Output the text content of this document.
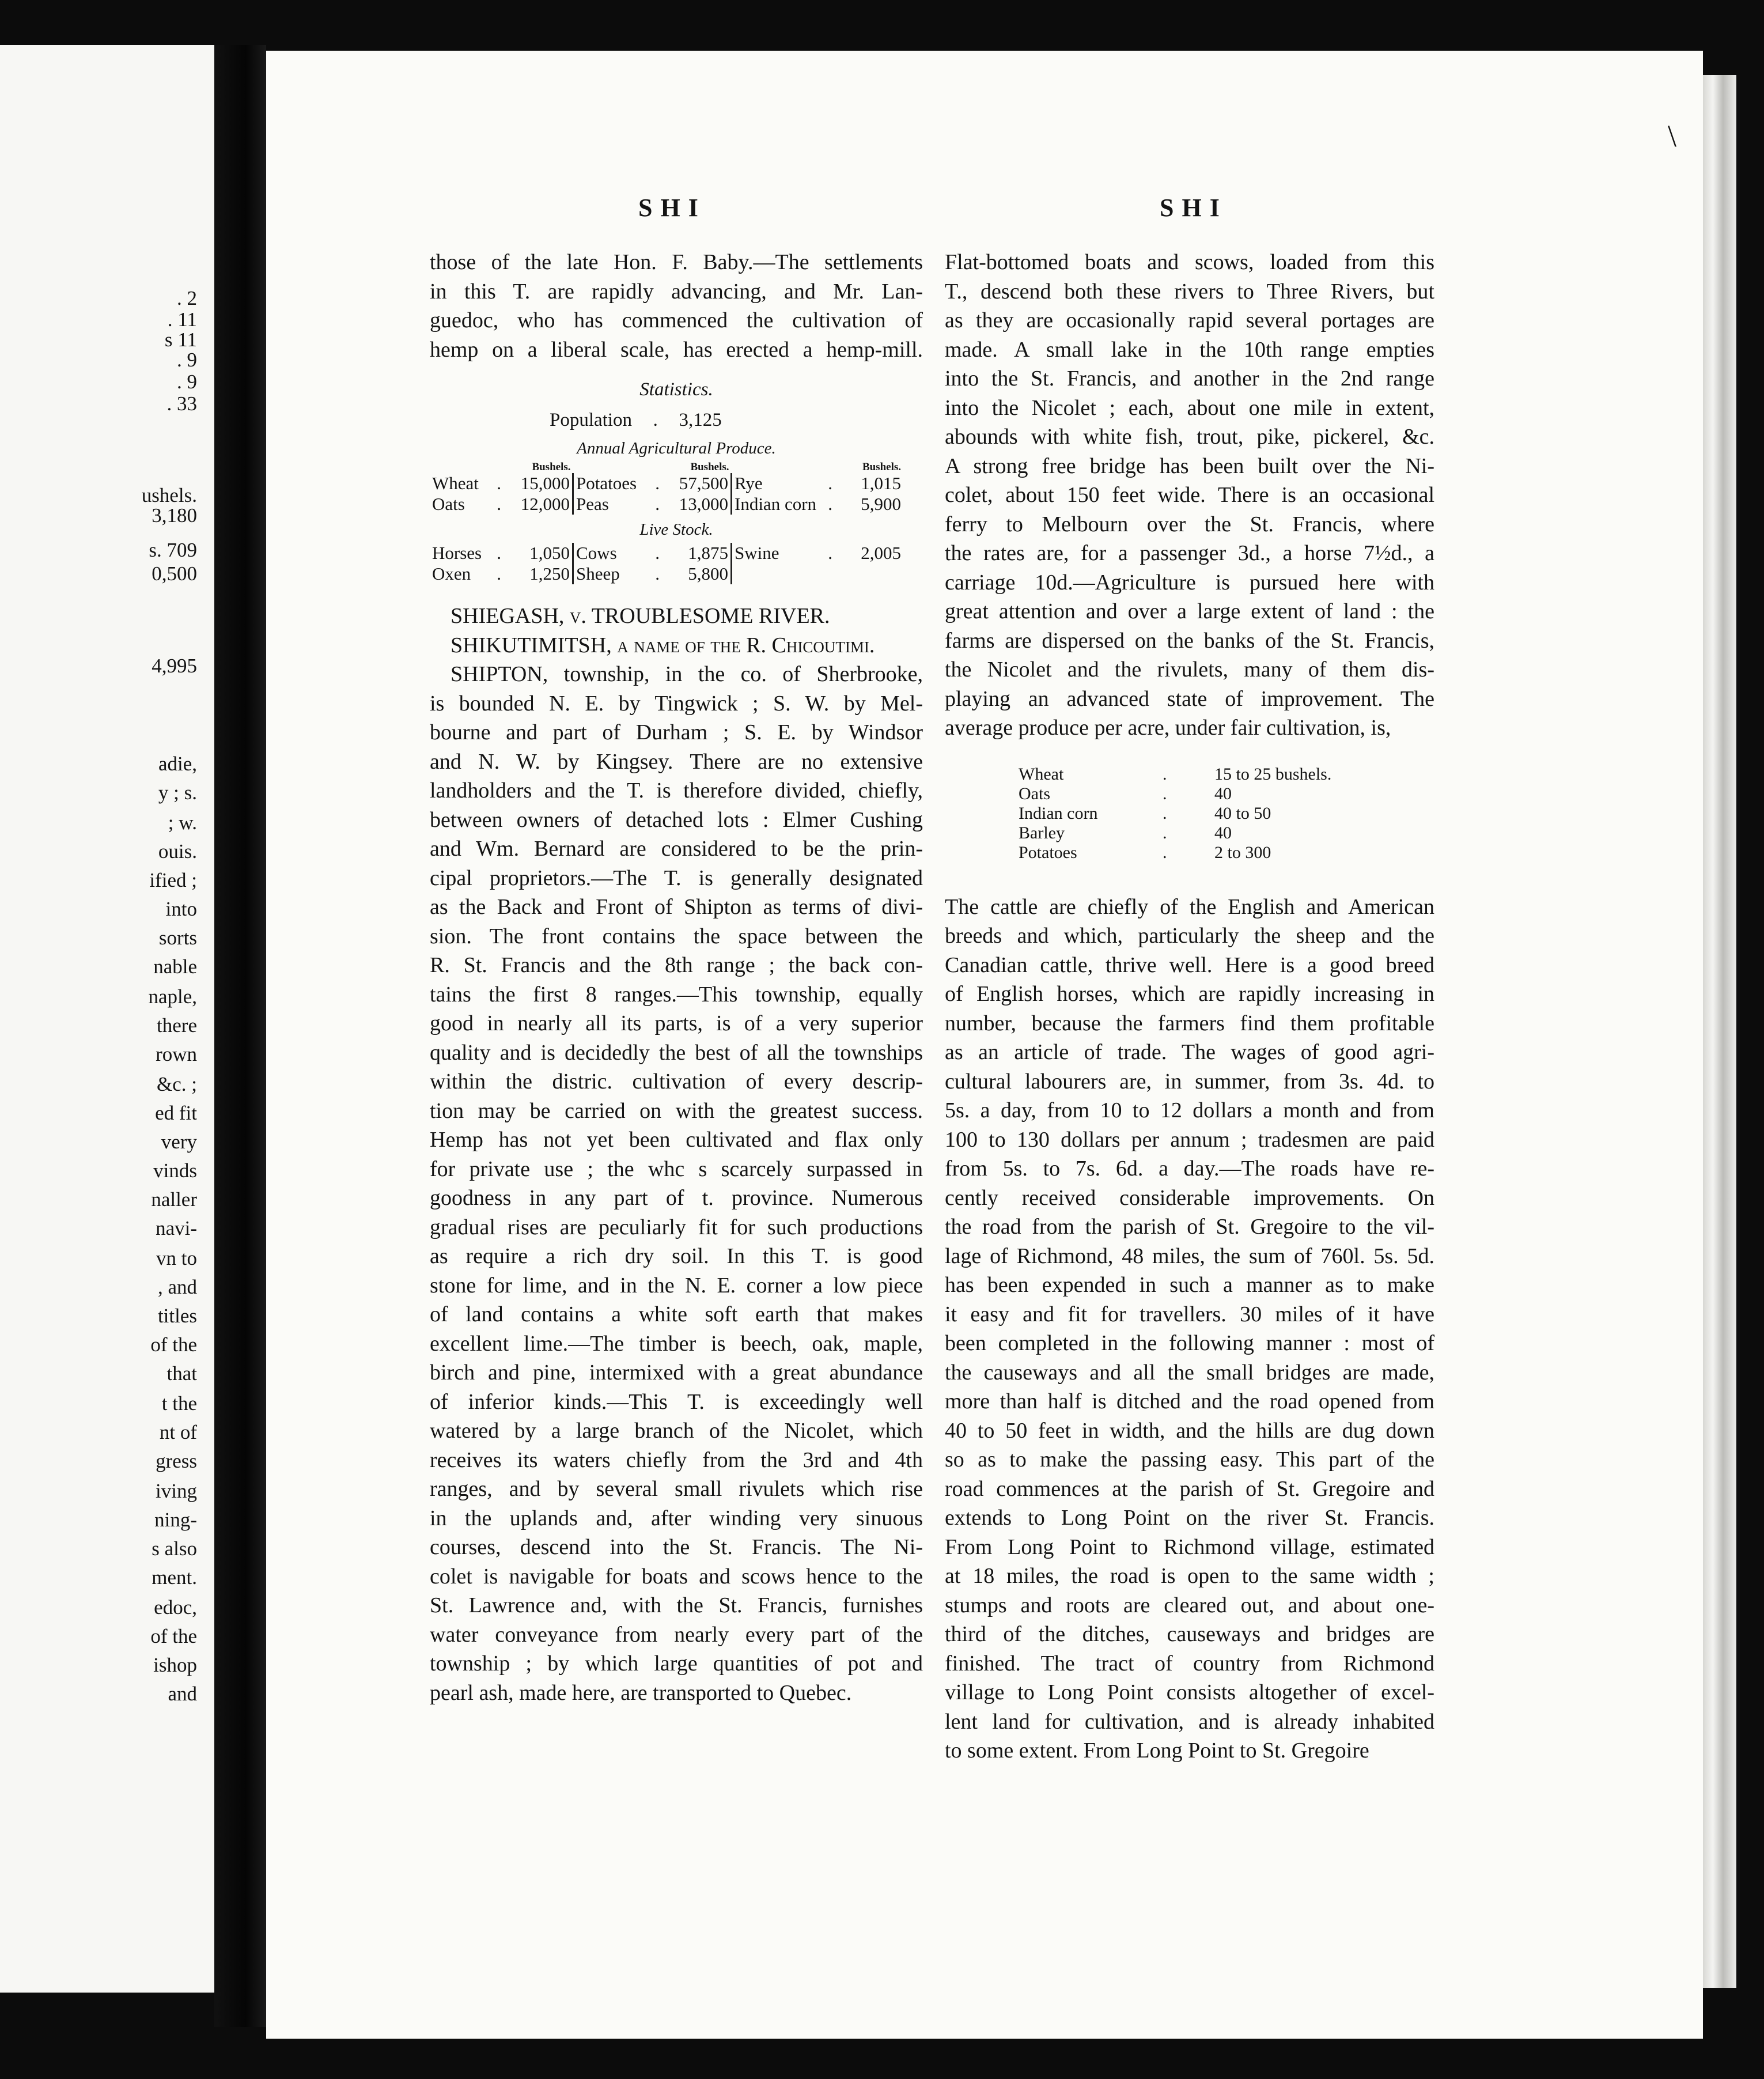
. 2
. 11
s 11
. 9
. 9
. 33
ushels.
3,180
s. 709
0,500
4,995
adie,
y ; s.
; w.
ouis.
ified ;
into
sorts
nable
naple,
there
rown
&c. ;
ed fit
very
vinds
naller
navi-
vn to
, and
titles
of the
that
t the
nt of
gress
iving
ning-
s also
ment.
edoc,
of the
ishop
and
\
SHI	SHI

those of the late Hon. F. Baby.—The settlements

in this T. are rapidly advancing, and Mr. Lan-

guedoc, who has commenced the cultivation of

hemp on a liberal scale, has erected a hemp-mill.

Statistics.
Population . 3,125
Annual Agricultural Produce.
	Bushels.		Bushels.		Bushels.
Wheat .	15,000	Potatoes .	57,500	Rye .	1,015
Oats .	12,000	Peas .	13,000	Indian corn .	5,900
Live Stock.
Horses .	1,050	Cows .	1,875	Swine .	2,005
Oxen .	1,250	Sheep .	5,800		

SHIEGASH, v. TROUBLESOME RIVER.

SHIKUTIMITSH, a name of the R. Chicoutimi.

SHIPTON, township, in the co. of Sherbrooke,

is bounded N. E. by Tingwick ; S. W. by Mel-

bourne and part of Durham ; S. E. by Windsor

and N. W. by Kingsey. There are no extensive

landholders and the T. is therefore divided, chiefly,

between owners of detached lots : Elmer Cushing

and Wm. Bernard are considered to be the prin-

cipal proprietors.—The T. is generally designated

as the Back and Front of Shipton as terms of divi-

sion. The front contains the space between the

R. St. Francis and the 8th range ; the back con-

tains the first 8 ranges.—This township, equally

good in nearly all its parts, is of a very superior

quality and is decidedly the best of all the townships

within the distric. cultivation of every descrip-

tion may be carried on with the greatest success.

Hemp has not yet been cultivated and flax only

for private use ; the whc s scarcely surpassed in

goodness in any part of t. province. Numerous

gradual rises are peculiarly fit for such productions

as require a rich dry soil. In this T. is good

stone for lime, and in the N. E. corner a low piece

of land contains a white soft earth that makes

excellent lime.—The timber is beech, oak, maple,

birch and pine, intermixed with a great abundance

of inferior kinds.—This T. is exceedingly well

watered by a large branch of the Nicolet, which

receives its waters chiefly from the 3rd and 4th

ranges, and by several small rivulets which rise

in the uplands and, after winding very sinuous

courses, descend into the St. Francis. The Ni-

colet is navigable for boats and scows hence to the

St. Lawrence and, with the St. Francis, furnishes

water conveyance from nearly every part of the

township ; by which large quantities of pot and

pearl ash, made here, are transported to Quebec.

Flat-bottomed boats and scows, loaded from this

T., descend both these rivers to Three Rivers, but

as they are occasionally rapid several portages are

made. A small lake in the 10th range empties

into the St. Francis, and another in the 2nd range

into the Nicolet ; each, about one mile in extent,

abounds with white fish, trout, pike, pickerel, &c.

A strong free bridge has been built over the Ni-

colet, about 150 feet wide. There is an occasional

ferry to Melbourn over the St. Francis, where

the rates are, for a passenger 3d., a horse 7½d., a

carriage 10d.—Agriculture is pursued here with

great attention and over a large extent of land : the

farms are dispersed on the banks of the St. Francis,

the Nicolet and the rivulets, many of them dis-

playing an advanced state of improvement. The

average produce per acre, under fair cultivation, is,

Wheat	.	15 to 25 bushels.
Oats	.	40
Indian corn	.	40 to 50
Barley	.	40
Potatoes	.	2 to 300

The cattle are chiefly of the English and American

breeds and which, particularly the sheep and the

Canadian cattle, thrive well. Here is a good breed

of English horses, which are rapidly increasing in

number, because the farmers find them profitable

as an article of trade. The wages of good agri-

cultural labourers are, in summer, from 3s. 4d. to

5s. a day, from 10 to 12 dollars a month and from

100 to 130 dollars per annum ; tradesmen are paid

from 5s. to 7s. 6d. a day.—The roads have re-

cently received considerable improvements. On

the road from the parish of St. Gregoire to the vil-

lage of Richmond, 48 miles, the sum of 760l. 5s. 5d.

has been expended in such a manner as to make

it easy and fit for travellers. 30 miles of it have

been completed in the following manner : most of

the causeways and all the small bridges are made,

more than half is ditched and the road opened from

40 to 50 feet in width, and the hills are dug down

so as to make the passing easy. This part of the

road commences at the parish of St. Gregoire and

extends to Long Point on the river St. Francis.

From Long Point to Richmond village, estimated

at 18 miles, the road is open to the same width ;

stumps and roots are cleared out, and about one-

third of the ditches, causeways and bridges are

finished. The tract of country from Richmond

village to Long Point consists altogether of excel-

lent land for cultivation, and is already inhabited

to some extent. From Long Point to St. Gregoire
